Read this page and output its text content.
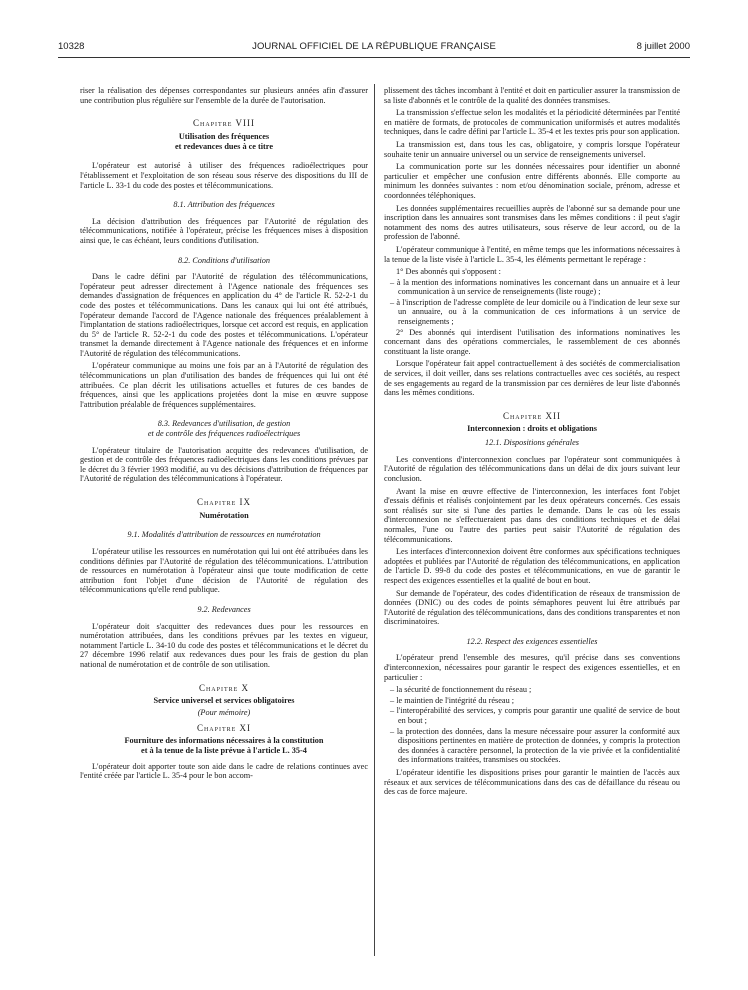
10328	JOURNAL OFFICIEL DE LA RÉPUBLIQUE FRANÇAISE	8 juillet 2000

riser la réalisation des dépenses correspondantes sur plusieurs années afin d'assurer une contribution plus régulière sur l'ensemble de la durée de l'autorisation.

Chapitre VIII
Utilisation des fréquences
et redevances dues à ce titre

L'opérateur est autorisé à utiliser des fréquences radioélectriques pour l'établissement et l'exploitation de son réseau sous réserve des dispositions du III de l'article L. 33-1 du code des postes et télécommunications.

8.1. Attribution des fréquences

La décision d'attribution des fréquences par l'Autorité de régulation des télécommunications, notifiée à l'opérateur, précise les fréquences mises à disposition ainsi que, le cas échéant, leurs conditions d'utilisation.

8.2. Conditions d'utilisation

Dans le cadre défini par l'Autorité de régulation des télécommunications, l'opérateur peut adresser directement à l'Agence nationale des fréquences ses demandes d'assignation de fréquences en application du 4° de l'article R. 52-2-1 du code des postes et télécommunications. Dans les canaux qui lui ont été attribués, l'opérateur demande l'accord de l'Agence nationale des fréquences préalablement à l'implantation de stations radioélectriques, lorsque cet accord est requis, en application du 5° de l'article R. 52-2-1 du code des postes et télécommunications. L'opérateur transmet la demande directement à l'Agence nationale des fréquences et en informe l'Autorité de régulation des télécommunications.

L'opérateur communique au moins une fois par an à l'Autorité de régulation des télécommunications un plan d'utilisation des bandes de fréquences qui lui ont été attribuées. Ce plan décrit les utilisations actuelles et futures de ces bandes de fréquences, ainsi que les applications projetées dont la mise en œuvre suppose l'attribution préalable de fréquences supplémentaires.

8.3. Redevances d'utilisation, de gestion
et de contrôle des fréquences radioélectriques

L'opérateur titulaire de l'autorisation acquitte des redevances d'utilisation, de gestion et de contrôle des fréquences radioélectriques dans les conditions prévues par le décret du 3 février 1993 modifié, au vu des décisions d'attribution de fréquences par l'Autorité de régulation des télécommunications à l'opérateur.

Chapitre IX
Numérotation
9.1. Modalités d'attribution de ressources en numérotation

L'opérateur utilise les ressources en numérotation qui lui ont été attribuées dans les conditions définies par l'Autorité de régulation des télécommunications. L'attribution de ressources en numérotation à l'opérateur ainsi que toute modification de cette attribution font l'objet d'une décision de l'Autorité de régulation des télécommunications qu'elle rend publique.

9.2. Redevances

L'opérateur doit s'acquitter des redevances dues pour les ressources en numérotation attribuées, dans les conditions prévues par les textes en vigueur, notamment l'article L. 34-10 du code des postes et télécommunications et le décret du 27 décembre 1996 relatif aux redevances dues pour les frais de gestion du plan national de numérotation et de contrôle de son utilisation.

Chapitre X
Service universel et services obligatoires
(Pour mémoire)
Chapitre XI
Fourniture des informations nécessaires à la constitution
et à la tenue de la liste prévue à l'article L. 35-4

L'opérateur doit apporter toute son aide dans le cadre de relations continues avec l'entité créée par l'article L. 35-4 pour le bon accom-

plissement des tâches incombant à l'entité et doit en particulier assurer la transmission de sa liste d'abonnés et le contrôle de la qualité des données transmises.

La transmission s'effectue selon les modalités et la périodicité déterminées par l'entité en matière de formats, de protocoles de communication uniformisés et autres modalités techniques, dans le cadre défini par l'article L. 35-4 et les textes pris pour son application.

La transmission est, dans tous les cas, obligatoire, y compris lorsque l'opérateur souhaite tenir un annuaire universel ou un service de renseignements universel.

La communication porte sur les données nécessaires pour identifier un abonné particulier et empêcher une confusion entre différents abonnés. Elle comporte au minimum les données suivantes : nom et/ou dénomination sociale, prénom, adresse et coordonnées téléphoniques.

Les données supplémentaires recueillies auprès de l'abonné sur sa demande pour une inscription dans les annuaires sont transmises dans les mêmes conditions : il peut s'agir notamment des noms des autres utilisateurs, sous réserve de leur accord, ou de la profession de l'abonné.

L'opérateur communique à l'entité, en même temps que les informations nécessaires à la tenue de la liste visée à l'article L. 35-4, les éléments permettant le repérage :

1° Des abonnés qui s'opposent :
– à la mention des informations nominatives les concernant dans un annuaire et à leur communication à un service de renseignements (liste rouge) ;
– à l'inscription de l'adresse complète de leur domicile ou à l'indication de leur sexe sur un annuaire, ou à la communication de ces informations à un service de renseignements ;

2° Des abonnés qui interdisent l'utilisation des informations nominatives les concernant dans des opérations commerciales, le rassemblement de ces abonnés constituant la liste orange.

Lorsque l'opérateur fait appel contractuellement à des sociétés de commercialisation de services, il doit veiller, dans ses relations contractuelles avec ces sociétés, au respect de ses engagements au regard de la transmission par ces dernières de leur liste d'abonnés dans les mêmes conditions.

Chapitre XII
Interconnexion : droits et obligations
12.1. Dispositions générales

Les conventions d'interconnexion conclues par l'opérateur sont communiquées à l'Autorité de régulation des télécommunications dans un délai de dix jours suivant leur conclusion.

Avant la mise en œuvre effective de l'interconnexion, les interfaces font l'objet d'essais définis et réalisés conjointement par les deux opérateurs concernés. Ces essais sont réalisés sur site si l'une des parties le demande. Dans le cas où les essais d'interconnexion ne s'effectueraient pas dans des conditions techniques et de délai normales, l'une ou l'autre des parties peut saisir l'Autorité de régulation des télécommunications.

Les interfaces d'interconnexion doivent être conformes aux spécifications techniques adoptées et publiées par l'Autorité de régulation des télécommunications, en application de l'article D. 99-8 du code des postes et télécommunications, en vue de garantir le respect des exigences essentielles et la qualité de bout en bout.

Sur demande de l'opérateur, des codes d'identification de réseaux de transmission de données (DNIC) ou des codes de points sémaphores peuvent lui être attribués par l'Autorité de régulation des télécommunications, dans des conditions transparentes et non discriminatoires.

12.2. Respect des exigences essentielles

L'opérateur prend l'ensemble des mesures, qu'il précise dans ses conventions d'interconnexion, nécessaires pour garantir le respect des exigences essentielles, et en particulier :

– la sécurité de fonctionnement du réseau ;
– le maintien de l'intégrité du réseau ;
– l'interopérabilité des services, y compris pour garantir une qualité de service de bout en bout ;
– la protection des données, dans la mesure nécessaire pour assurer la conformité aux dispositions pertinentes en matière de protection de données, y compris la protection des données à caractère personnel, la protection de la vie privée et la confidentialité des informations traitées, transmises ou stockées.

L'opérateur identifie les dispositions prises pour garantir le maintien de l'accès aux réseaux et aux services de télécommunications dans des cas de défaillance du réseau ou des cas de force majeure.
